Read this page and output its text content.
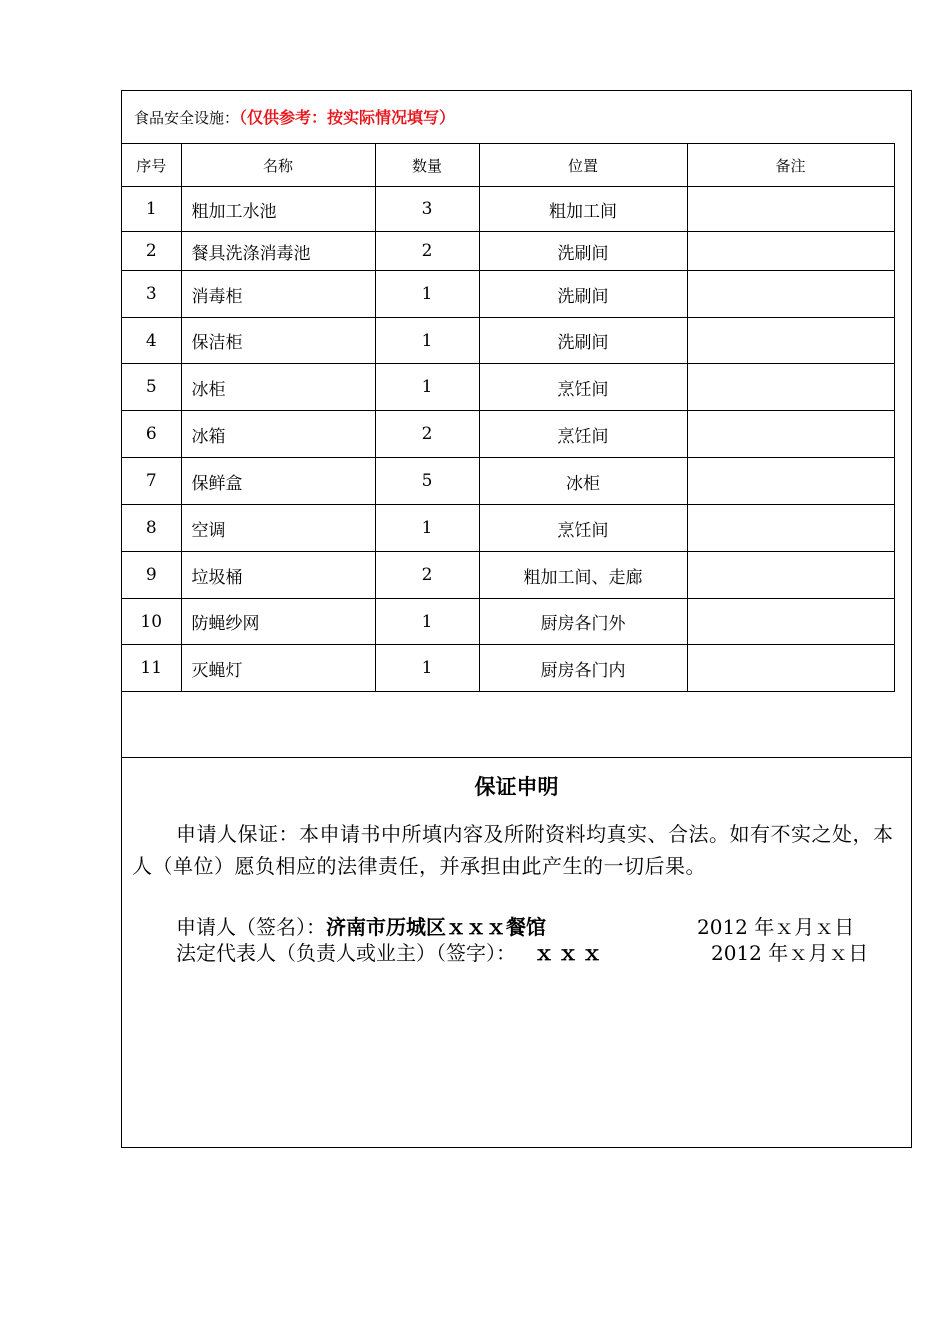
食品安全设施：（仅供参考：按实际情况填写）
序号	名称	数量	位置	备注
1	粗加工水池	3	粗加工间	
2	餐具洗涤消毒池	2	洗刷间	
3	消毒柜	1	洗刷间	
4	保洁柜	1	洗刷间	
5	冰柜	1	烹饪间	
6	冰箱	2	烹饪间	
7	保鲜盒	5	冰柜	
8	空调	1	烹饪间	
9	垃圾桶	2	粗加工间、走廊	
10	防蝇纱网	1	厨房各门外	
11	灭蝇灯	1	厨房各门内	
保证申明
申请人保证：本申请书中所填内容及所附资料均真实、合法。如有不实之处，本人（单位）愿负相应的法律责任，并承担由此产生的一切后果。
申请人（签名）：济南市历城区ｘｘｘ餐馆	2012 年ｘ月ｘ日
法定代表人（负责人或业主）（签字）： ｘｘｘ	2012 年ｘ月ｘ日
